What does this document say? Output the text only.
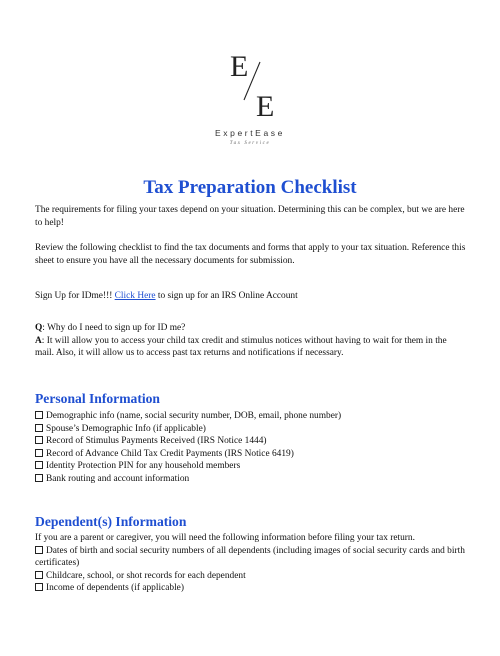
E
E
ExpertEase
Tax Service
Tax Preparation Checklist

The requirements for filing your taxes depend on your situation. Determining this can be complex, but we are here to help!

Review the following checklist to find the tax documents and forms that apply to your tax situation. Reference this sheet to ensure you have all the necessary documents for submission.

Sign Up for IDme!!! Click Here to sign up for an IRS Online Account

Q: Why do I need to sign up for ID me?

A: It will allow you to access your child tax credit and stimulus notices without having to wait for them in the mail. Also, it will allow us to access past tax returns and notifications if necessary.

Personal Information
Demographic info (name, social security number, DOB, email, phone number)
Spouse’s Demographic Info (if applicable)
Record of Stimulus Payments Received (IRS Notice 1444)
Record of Advance Child Tax Credit Payments (IRS Notice 6419)
Identity Protection PIN for any household members
Bank routing and account information
Dependent(s) Information

If you are a parent or caregiver, you will need the following information before filing your tax return.

Dates of birth and social security numbers of all dependents (including images of social security cards and birth certificates)
Childcare, school, or shot records for each dependent
Income of dependents (if applicable)
